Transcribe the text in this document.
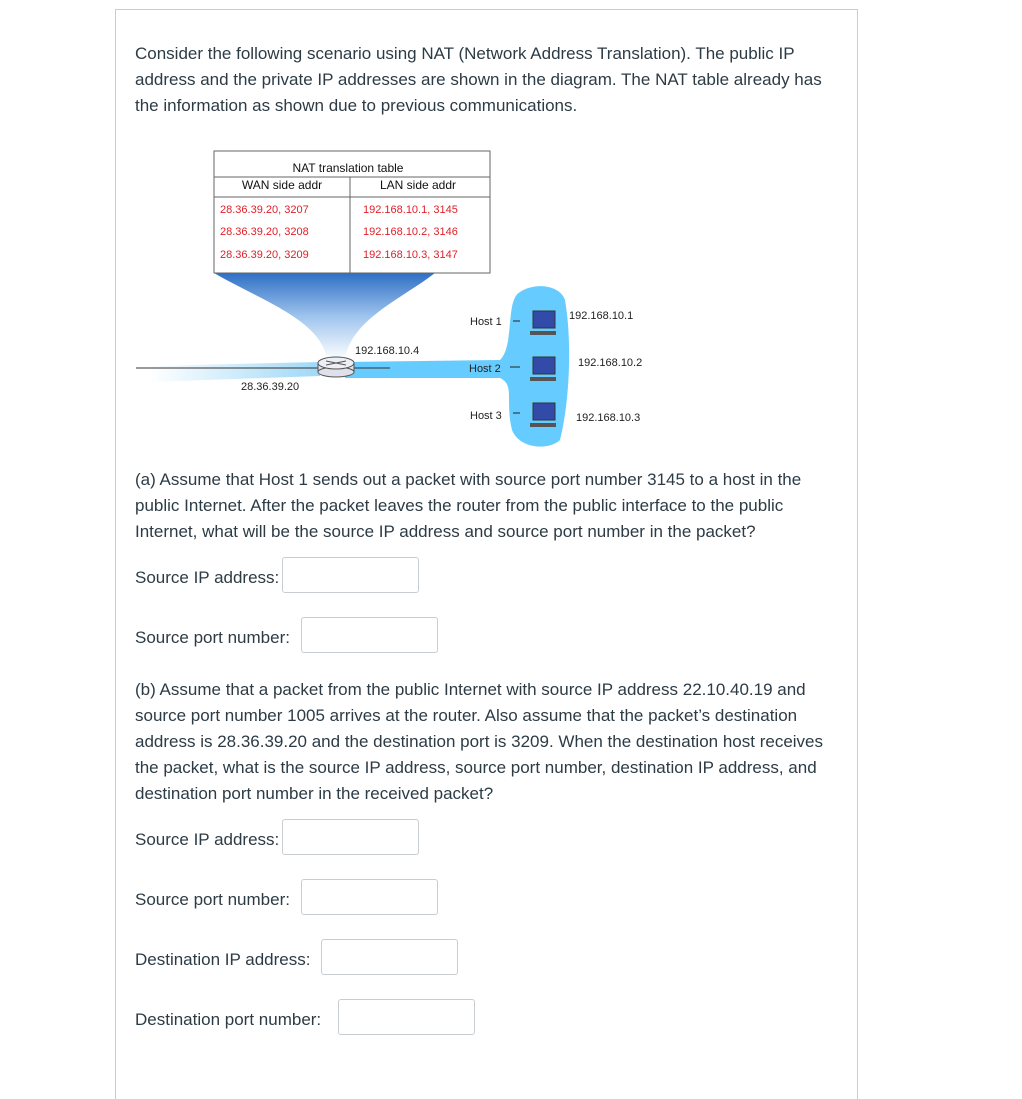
Consider the following scenario using NAT (Network Address Translation). The public IP address and the private IP addresses are shown in the diagram. The NAT table already has the information as shown due to previous communications.

NAT translation table
WAN side addr	LAN side addr
28.36.39.20, 3207	192.168.10.1, 3145
28.36.39.20, 3208	192.168.10.2, 3146
28.36.39.20, 3209	192.168.10.3, 3147
192.168.10.4
28.36.39.20
Host 1	192.168.10.1
Host 2	192.168.10.2
Host 3	192.168.10.3

(a) Assume that Host 1 sends out a packet with source port number 3145 to a host in the public Internet. After the packet leaves the router from the public interface to the public Internet, what will be the source IP address and source port number in the packet?

Source IP address:
Source port number:

(b) Assume that a packet from the public Internet with source IP address 22.10.40.19 and source port number 1005 arrives at the router. Also assume that the packet’s destination address is 28.36.39.20 and the destination port is 3209. When the destination host receives the packet, what is the source IP address, source port number, destination IP address, and destination port number in the received packet?

Source IP address:
Source port number:
Destination IP address:
Destination port number:
